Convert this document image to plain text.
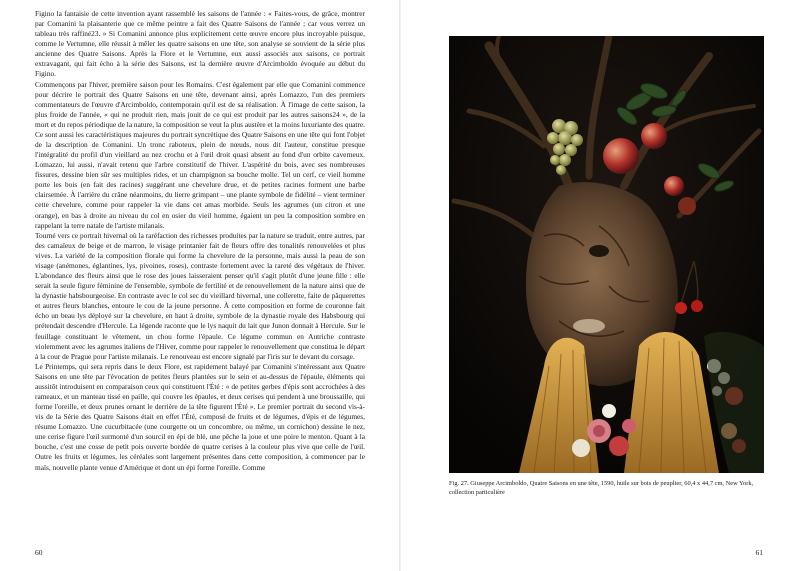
Figino la fantaisie de cette invention ayant rassemblé les saisons de l'année : « Faites-vous, de grâce, montrer par Comanini la plaisanterie que ce même peintre a fait des Quatre Saisons de l'année ; car vous verrez un tableau très raffiné23. » Si Comanini annonce plus explicitement cette œuvre encore plus incroyable puisque, comme le Vertumne, elle réussit à mêler les quatre saisons en une tête, son analyse se souvient de la série plus ancienne des Quatre Saisons. Après la Flore et le Vertumne, eux aussi associés aux saisons, ce portrait extravagant, qui fait écho à la série des Saisons, est la dernière œuvre d'Arcimboldo évoquée au début du Figino.

Commençons par l'hiver, première saison pour les Romains. C'est également par elle que Comanini commence pour décrire le portrait des Quatre Saisons en une tête, devenant ainsi, après Lomazzo, l'un des premiers commentateurs de l'œuvre d'Arcimboldo, contemporain qu'il est de sa réalisation. À l'image de cette saison, la plus froide de l'année, « qui ne produit rien, mais jouit de ce qui est produit par les autres saisons24 », de la mort et du repos périodique de la nature, la composition se veut la plus austère et la moins luxuriante des quatre. Ce sont aussi les caractéristiques majeures du portrait syncrétique des Quatre Saisons en une tête qui font l'objet de la description de Comanini. Un tronc raboteux, plein de nœuds, nous dit l'auteur, constitue presque l'intégralité du profil d'un vieillard au nez crochu et à l'œil droit quasi absent au fond d'un orbite caverneux. Lomazzo, lui aussi, n'avait retenu que l'arbre constitutif de l'hiver. L'aspérité du bois, avec ses nombreuses fissures, dessine bien sûr ses multiples rides, et un champignon sa bouche molle. Tel un cerf, ce vieil homme porte les bois (en fait des racines) suggérant une chevelure drue, et de petites racines forment une barbe clairsemée. À l'arrière du crâne néanmoins, du lierre grimpant – une plante symbole de fidélité – vient terminer cette chevelure, comme pour rappeler la vie dans cet amas morbide. Seuls les agrumes (un citron et une orange), en bas à droite au niveau du col en osier du vieil homme, égaient un peu la composition sombre en rappelant la terre natale de l'artiste milanais.

Tourné vers ce portrait hivernal où la raréfaction des richesses produites par la nature se traduit, entre autres, par des camaïeux de beige et de marron, le visage printanier fait de fleurs offre des tonalités renouvelées et plus vives. La variété de la composition florale qui forme la chevelure de la personne, mais aussi la peau de son visage (anémones, églantines, lys, pivoines, roses), contraste fortement avec la rareté des végétaux de l'hiver. L'abondance des fleurs ainsi que le rose des joues laisseraient penser qu'il s'agit plutôt d'une jeune fille : elle serait la seule figure féminine de l'ensemble, symbole de fertilité et de renouvellement de la nature ainsi que de la dynastie habsbourgeoise. En contraste avec le col sec du vieillard hivernal, une collerette, faite de pâquerettes et autres fleurs blanches, entoure le cou de la jeune personne. À cette composition en forme de couronne fait écho un beau lys déployé sur la chevelure, en haut à droite, symbole de la dynastie royale des Habsbourg qui prétendait descendre d'Hercule. La légende raconte que le lys naquit du lait que Junon donnait à Hercule. Sur le feuillage constituant le vêtement, un chou forme l'épaule. Ce légume commun en Autriche contraste violemment avec les agrumes italiens de l'Hiver, comme pour rappeler le renouvellement que constitua le départ à la cour de Prague pour l'artiste milanais. Le renouveau est encore signalé par l'iris sur le devant du corsage.

Le Printemps, qui sera repris dans le deux Flore, est rapidement balayé par Comanini s'intéressant aux Quatre Saisons en une tête par l'évocation de petites fleurs plantées sur le sein et au-dessus de l'épaule, éléments qui aussitôt introduisent en comparaison ceux qui constituent l'Été : « de petites gerbes d'épis sont accrochées à des rameaux, et un manteau tissé en paille, qui couvre les épaules, et deux cerises qui pendent à une broussaille, qui forme l'oreille, et deux prunes ornant le derrière de la tête figurent l'Été ». Le premier portrait du second vis-à-vis de la Série des Quatre Saisons était en effet l'Été, composé de fruits et de légumes, d'épis et de légumes, résume Lomazzo. Une cucurbitacée (une courgette ou un concombre, ou même, un cornichon) dessine le nez, une cerise figure l'œil surmonté d'un sourcil en épi de blé, une pêche la joue et une poire le menton. Quant à la bouche, c'est une cosse de petit pois ouverte bordée de quatre cerises à la couleur plus vive que celle de l'œil. Outre les fruits et légumes, les céréales sont largement présentes dans cette composition, à commencer par le maïs, nouvelle plante venue d'Amérique et dont un épi forme l'oreille. Comme

60
Fig. 27. Giuseppe Arcimboldo, Quatre Saisons en une tête, 1590, huile sur bois de peuplier, 60,4 x 44,7 cm, New York, collection particulière
61
